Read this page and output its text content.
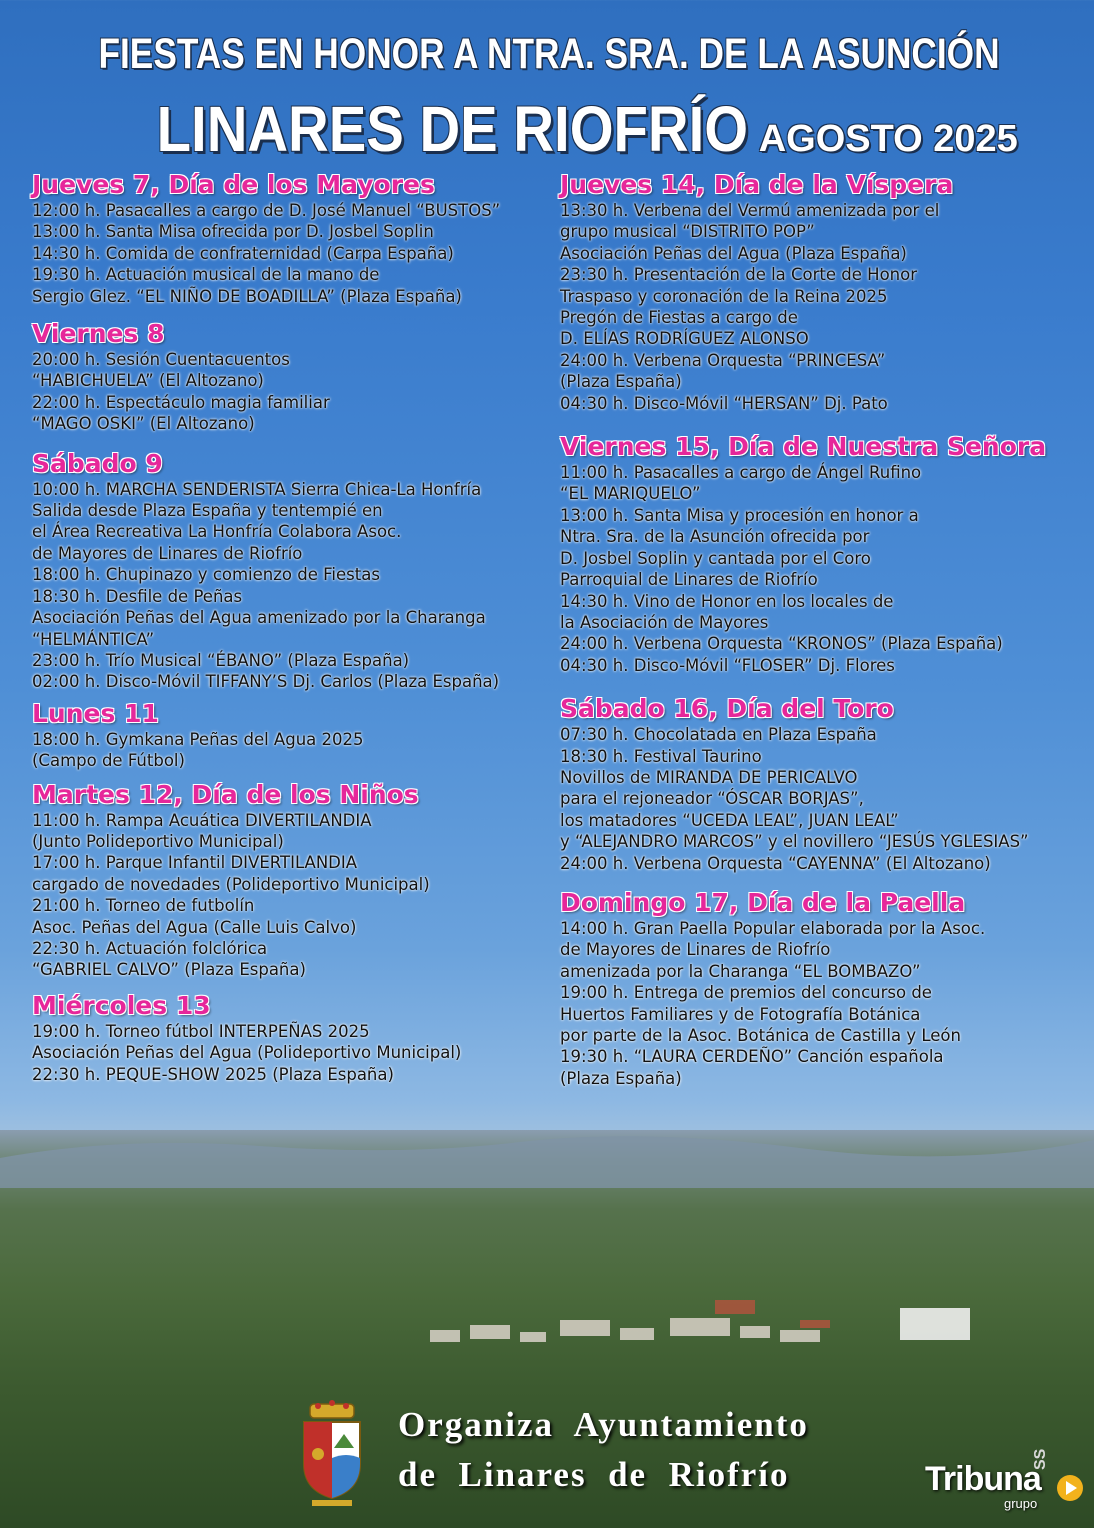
FIESTAS EN HONOR A NTRA. SRA. DE LA ASUNCIÓN
LINARES DE RIOFRÍO AGOSTO 2025
Jueves 7, Día de los Mayores
12:00 h. Pasacalles a cargo de D. José Manuel “BUSTOS”
13:00 h. Santa Misa ofrecida por D. Josbel Soplin
14:30 h. Comida de confraternidad (Carpa España)
19:30 h. Actuación musical de la mano de
Sergio Glez. “EL NIÑO DE BOADILLA” (Plaza España)
Viernes 8
20:00 h. Sesión Cuentacuentos
“HABICHUELA” (El Altozano)
22:00 h. Espectáculo magia familiar
“MAGO OSKI” (El Altozano)
Sábado 9
10:00 h. MARCHA SENDERISTA Sierra Chica-La Honfría
Salida desde Plaza España y tentempié en
el Área Recreativa La Honfría Colabora Asoc.
de Mayores de Linares de Riofrío
18:00 h. Chupinazo y comienzo de Fiestas
18:30 h. Desfile de Peñas
Asociación Peñas del Agua amenizado por la Charanga
“HELMÁNTICA”
23:00 h. Trío Musical “ÉBANO” (Plaza España)
02:00 h. Disco-Móvil TIFFANY’S Dj. Carlos (Plaza España)
Lunes 11
18:00 h. Gymkana Peñas del Agua 2025
(Campo de Fútbol)
Martes 12, Día de los Niños
11:00 h. Rampa Acuática DIVERTILANDIA
(Junto Polideportivo Municipal)
17:00 h. Parque Infantil DIVERTILANDIA
cargado de novedades (Polideportivo Municipal)
21:00 h. Torneo de futbolín
Asoc. Peñas del Agua (Calle Luis Calvo)
22:30 h. Actuación folclórica
“GABRIEL CALVO” (Plaza España)
Miércoles 13
19:00 h. Torneo fútbol INTERPEÑAS 2025
Asociación Peñas del Agua (Polideportivo Municipal)
22:30 h. PEQUE-SHOW 2025 (Plaza España)
Jueves 14, Día de la Víspera
13:30 h. Verbena del Vermú amenizada por el
grupo musical “DISTRITO POP”
Asociación Peñas del Agua (Plaza España)
23:30 h. Presentación de la Corte de Honor
Traspaso y coronación de la Reina 2025
Pregón de Fiestas a cargo de
D. ELÍAS RODRÍGUEZ ALONSO
24:00 h. Verbena Orquesta “PRINCESA”
(Plaza España)
04:30 h. Disco-Móvil “HERSAN” Dj. Pato
Viernes 15, Día de Nuestra Señora
11:00 h. Pasacalles a cargo de Ángel Rufino
“EL MARIQUELO”
13:00 h. Santa Misa y procesión en honor a
Ntra. Sra. de la Asunción ofrecida por
D. Josbel Soplin y cantada por el Coro
Parroquial de Linares de Riofrío
14:30 h. Vino de Honor en los locales de
la Asociación de Mayores
24:00 h. Verbena Orquesta “KRONOS” (Plaza España)
04:30 h. Disco-Móvil “FLOSER” Dj. Flores
Sábado 16, Día del Toro
07:30 h. Chocolatada en Plaza España
18:30 h. Festival Taurino
Novillos de MIRANDA DE PERICALVO
para el rejoneador “ÓSCAR BORJAS”,
los matadores “UCEDA LEAL”, JUAN LEAL”
y “ALEJANDRO MARCOS” y el novillero “JESÚS YGLESIAS”
24:00 h. Verbena Orquesta “CAYENNA” (El Altozano)
Domingo 17, Día de la Paella
14:00 h. Gran Paella Popular elaborada por la Asoc.
de Mayores de Linares de Riofrío
amenizada por la Charanga “EL BOMBAZO”
19:00 h. Entrega de premios del concurso de
Huertos Familiares y de Fotografía Botánica
por parte de la Asoc. Botánica de Castilla y León
19:30 h. “LAURA CERDEÑO” Canción española
(Plaza España)
Organiza  Ayuntamiento
de  Linares  de  Riofrío	SS
Tribuna
grupo
